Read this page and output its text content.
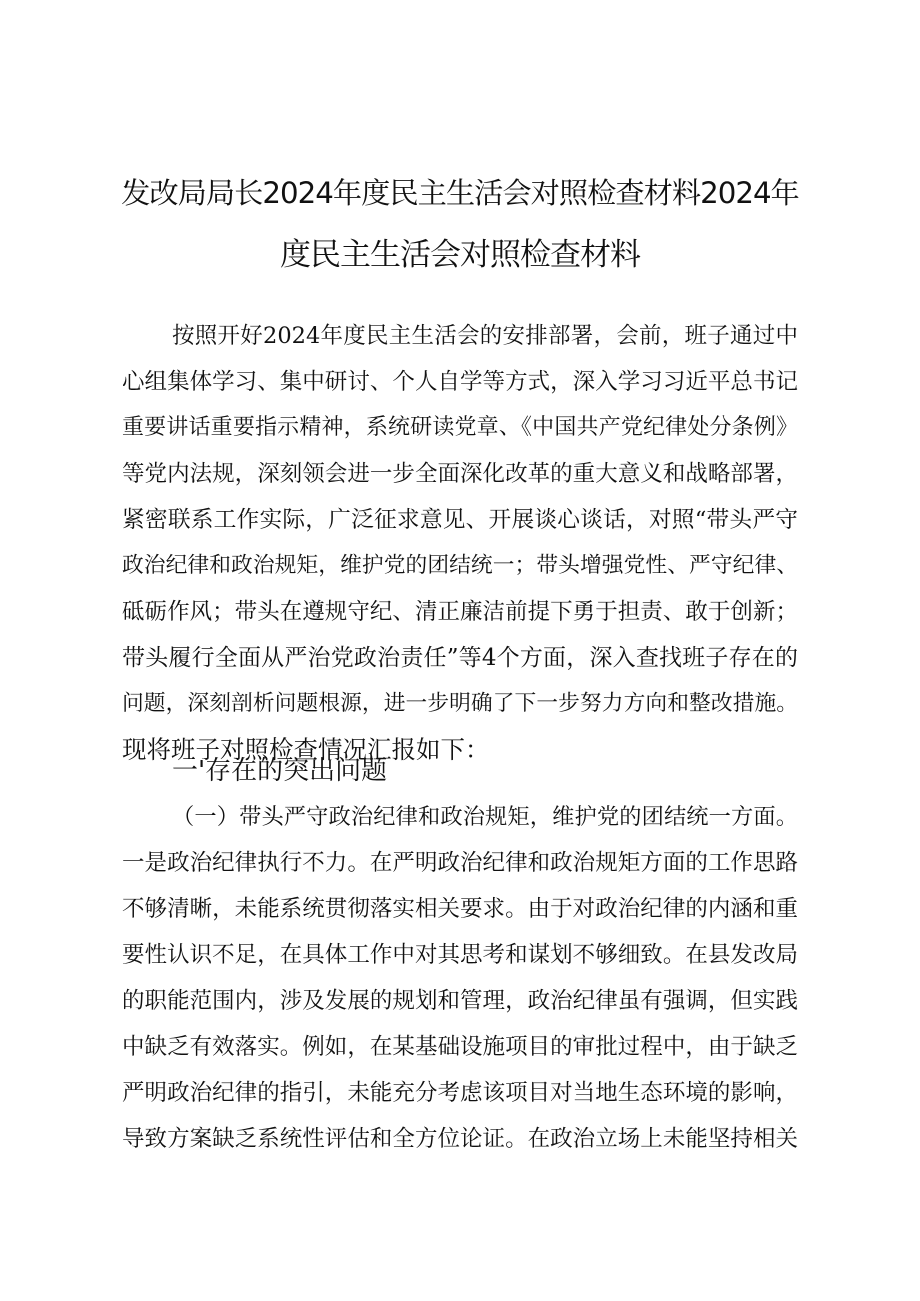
发改局局长2024年度民主生活会对照检查材料2024年
度民主生活会对照检查材料
按照开好2024年度民主生活会的安排部署，会前，班子通过中
心组集体学习、集中研讨、个人自学等方式，深入学习习近平总书记
重要讲话重要指示精神，系统研读党章、《中国共产党纪律处分条例》
等党内法规，深刻领会进一步全面深化改革的重大意义和战略部署，
紧密联系工作实际，广泛征求意见、开展谈心谈话，对照“带头严守
政治纪律和政治规矩，维护党的团结统一；带头增强党性、严守纪律、
砥砺作风；带头在遵规守纪、清正廉洁前提下勇于担责、敢于创新；
带头履行全面从严治党政治责任”等4个方面，深入查找班子存在的
问题，深刻剖析问题根源，进一步明确了下一步努力方向和整改措施。
现将班子对照检查情况汇报如下：
一'存在的突出问题
（一）带头严守政治纪律和政治规矩，维护党的团结统一方面。
一是政治纪律执行不力。在严明政治纪律和政治规矩方面的工作思路
不够清晰，未能系统贯彻落实相关要求。由于对政治纪律的内涵和重
要性认识不足，在具体工作中对其思考和谋划不够细致。在县发改局
的职能范围内，涉及发展的规划和管理，政治纪律虽有强调，但实践
中缺乏有效落实。例如，在某基础设施项目的审批过程中，由于缺乏
严明政治纪律的指引，未能充分考虑该项目对当地生态环境的影响，
导致方案缺乏系统性评估和全方位论证。在政治立场上未能坚持相关
